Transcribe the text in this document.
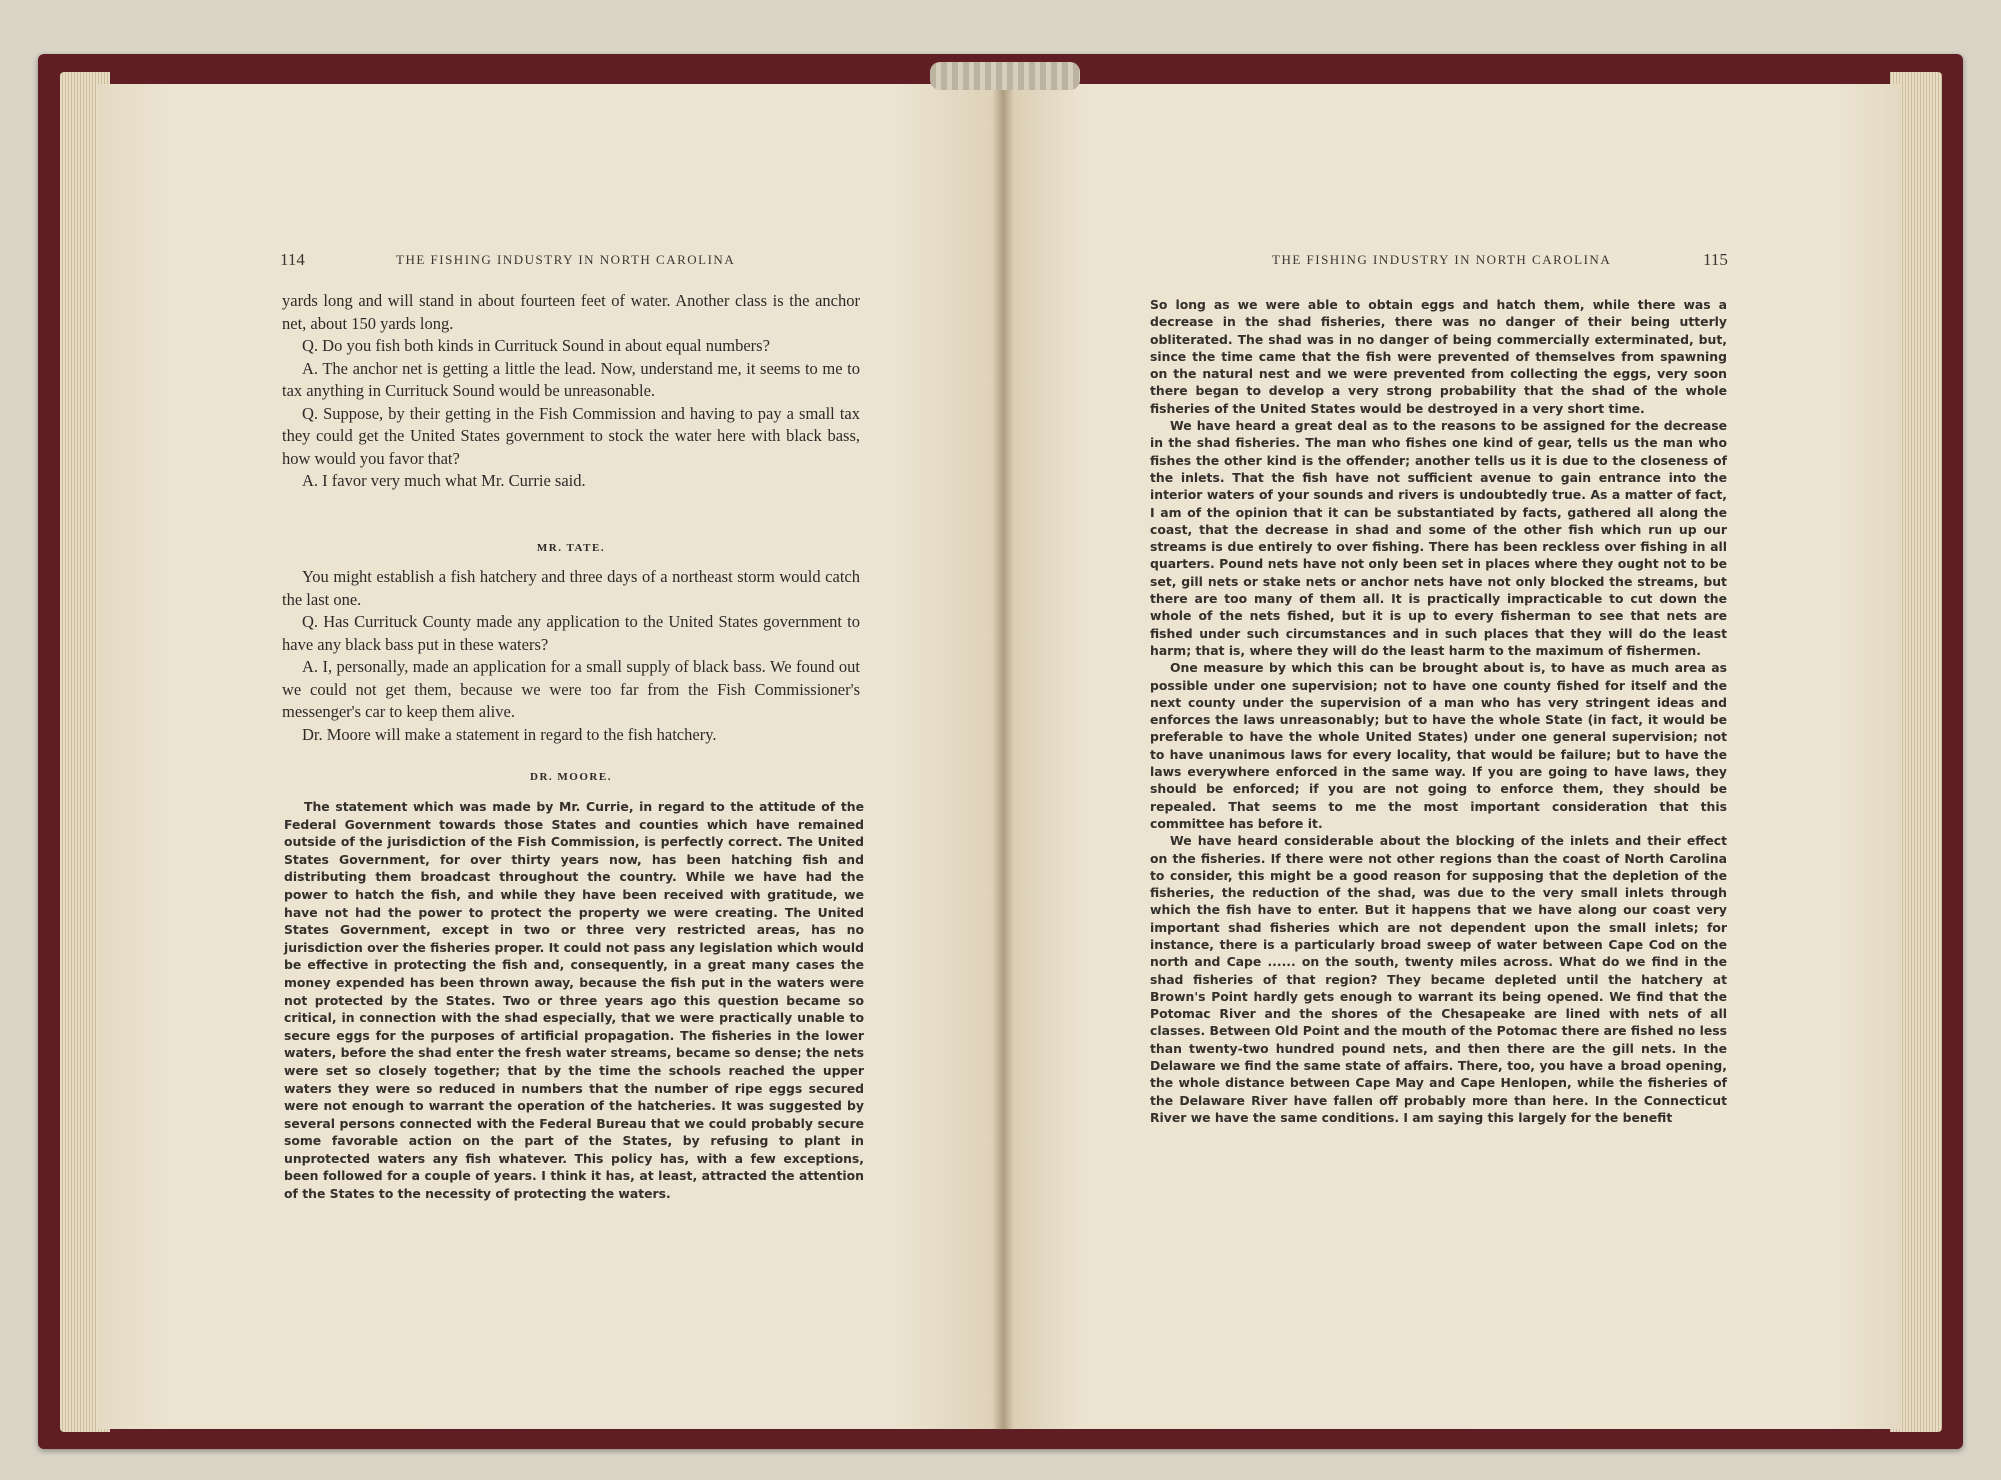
114	THE FISHING INDUSTRY IN NORTH CAROLINA

yards long and will stand in about fourteen feet of water. Another class is the anchor net, about 150 yards long.

Q. Do you fish both kinds in Currituck Sound in about equal numbers?

A. The anchor net is getting a little the lead. Now, understand me, it seems to me to tax anything in Currituck Sound would be unreasonable.

Q. Suppose, by their getting in the Fish Commission and having to pay a small tax they could get the United States government to stock the water here with black bass, how would you favor that?

A. I favor very much what Mr. Currie said.

MR. TATE.

You might establish a fish hatchery and three days of a northeast storm would catch the last one.

Q. Has Currituck County made any application to the United States government to have any black bass put in these waters?

A. I, personally, made an application for a small supply of black bass. We found out we could not get them, because we were too far from the Fish Commissioner's messenger's car to keep them alive.

Dr. Moore will make a statement in regard to the fish hatchery.

DR. MOORE.

The statement which was made by Mr. Currie, in regard to the attitude of the Federal Government towards those States and counties which have remained outside of the jurisdiction of the Fish Commission, is perfectly correct. The United States Government, for over thirty years now, has been hatching fish and distributing them broadcast throughout the country. While we have had the power to hatch the fish, and while they have been received with gratitude, we have not had the power to protect the property we were creating. The United States Government, except in two or three very restricted areas, has no jurisdiction over the fisheries proper. It could not pass any legislation which would be effective in protecting the fish and, consequently, in a great many cases the money expended has been thrown away, because the fish put in the waters were not protected by the States. Two or three years ago this question became so critical, in connection with the shad especially, that we were practically unable to secure eggs for the purposes of artificial propagation. The fisheries in the lower waters, before the shad enter the fresh water streams, became so dense; the nets were set so closely together; that by the time the schools reached the upper waters they were so reduced in numbers that the number of ripe eggs secured were not enough to warrant the operation of the hatcheries. It was suggested by several persons connected with the Federal Bureau that we could probably secure some favorable action on the part of the States, by refusing to plant in unprotected waters any fish whatever. This policy has, with a few exceptions, been followed for a couple of years. I think it has, at least, attracted the attention of the States to the necessity of protecting the waters.

THE FISHING INDUSTRY IN NORTH CAROLINA	115

So long as we were able to obtain eggs and hatch them, while there was a decrease in the shad fisheries, there was no danger of their being utterly obliterated. The shad was in no danger of being commercially exterminated, but, since the time came that the fish were prevented of themselves from spawning on the natural nest and we were prevented from collecting the eggs, very soon there began to develop a very strong probability that the shad of the whole fisheries of the United States would be destroyed in a very short time.

We have heard a great deal as to the reasons to be assigned for the decrease in the shad fisheries. The man who fishes one kind of gear, tells us the man who fishes the other kind is the offender; another tells us it is due to the closeness of the inlets. That the fish have not sufficient avenue to gain entrance into the interior waters of your sounds and rivers is undoubtedly true. As a matter of fact, I am of the opinion that it can be substantiated by facts, gathered all along the coast, that the decrease in shad and some of the other fish which run up our streams is due entirely to over fishing. There has been reckless over fishing in all quarters. Pound nets have not only been set in places where they ought not to be set, gill nets or stake nets or anchor nets have not only blocked the streams, but there are too many of them all. It is practically impracticable to cut down the whole of the nets fished, but it is up to every fisherman to see that nets are fished under such circumstances and in such places that they will do the least harm; that is, where they will do the least harm to the maximum of fishermen.

One measure by which this can be brought about is, to have as much area as possible under one supervision; not to have one county fished for itself and the next county under the supervision of a man who has very stringent ideas and enforces the laws unreasonably; but to have the whole State (in fact, it would be preferable to have the whole United States) under one general supervision; not to have unanimous laws for every locality, that would be failure; but to have the laws everywhere enforced in the same way. If you are going to have laws, they should be enforced; if you are not going to enforce them, they should be repealed. That seems to me the most important consideration that this committee has before it.

We have heard considerable about the blocking of the inlets and their effect on the fisheries. If there were not other regions than the coast of North Carolina to consider, this might be a good reason for supposing that the depletion of the fisheries, the reduction of the shad, was due to the very small inlets through which the fish have to enter. But it happens that we have along our coast very important shad fisheries which are not dependent upon the small inlets; for instance, there is a particularly broad sweep of water between Cape Cod on the north and Cape ...... on the south, twenty miles across. What do we find in the shad fisheries of that region? They became depleted until the hatchery at Brown's Point hardly gets enough to warrant its being opened. We find that the Potomac River and the shores of the Chesapeake are lined with nets of all classes. Between Old Point and the mouth of the Potomac there are fished no less than twenty-two hundred pound nets, and then there are the gill nets. In the Delaware we find the same state of affairs. There, too, you have a broad opening, the whole distance between Cape May and Cape Henlopen, while the fisheries of the Delaware River have fallen off probably more than here. In the Connecticut River we have the same conditions. I am saying this largely for the benefit
